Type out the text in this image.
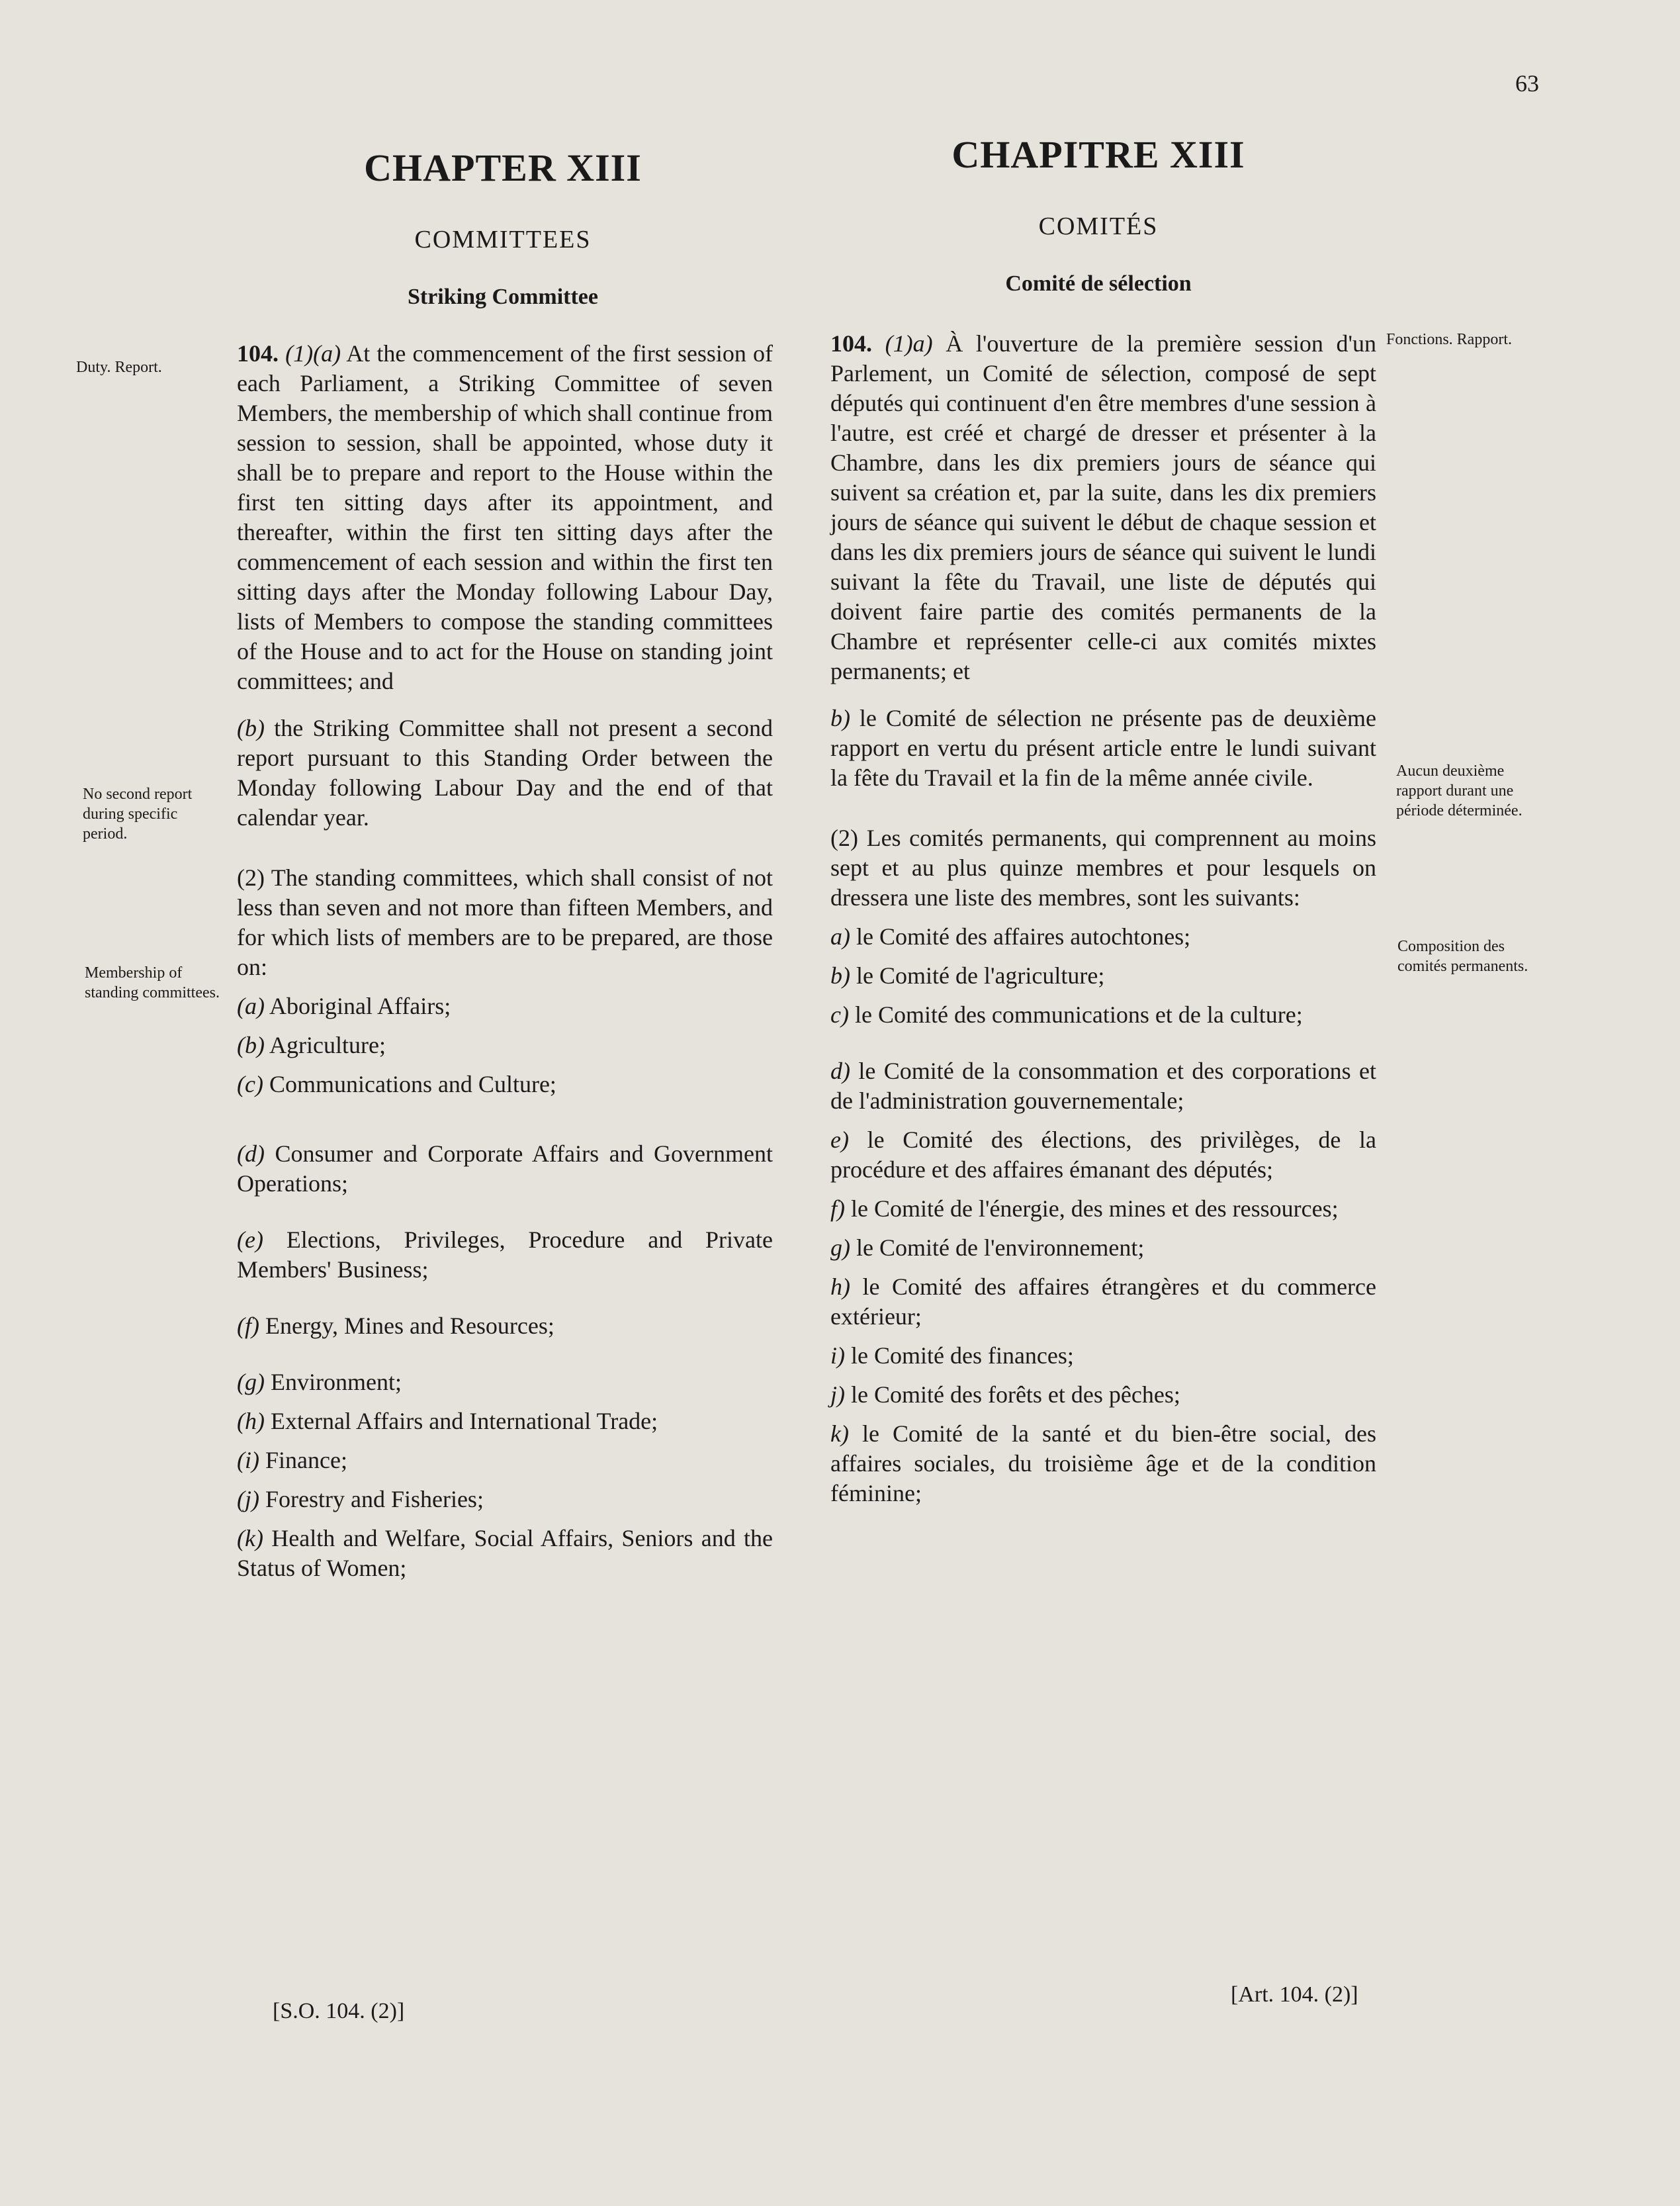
63
CHAPTER XIII
COMMITTEES
Striking Committee
CHAPITRE XIII
COMITÉS
Comité de sélection
Duty. Report.
No second report during specific period.
Membership of standing committees.
Fonctions. Rapport.
Aucun deuxième rapport durant une période déterminée.
Composition des comités permanents.

104. (1)(a) At the commencement of the first session of each Parliament, a Striking Committee of seven Members, the membership of which shall continue from session to session, shall be appointed, whose duty it shall be to prepare and report to the House within the first ten sitting days after its appointment, and thereafter, within the first ten sitting days after the commencement of each session and within the first ten sitting days after the Monday following Labour Day, lists of Members to compose the standing committees of the House and to act for the House on standing joint committees; and

(b) the Striking Committee shall not present a second report pursuant to this Standing Order between the Monday following Labour Day and the end of that calendar year.

(2) The standing committees, which shall consist of not less than seven and not more than fifteen Members, and for which lists of members are to be prepared, are those on:

(a) Aboriginal Affairs;

(b) Agriculture;

(c) Communications and Culture;

(d) Consumer and Corporate Affairs and Government Operations;

(e) Elections, Privileges, Procedure and Private Members' Business;

(f) Energy, Mines and Resources;

(g) Environment;

(h) External Affairs and International Trade;

(i) Finance;

(j) Forestry and Fisheries;

(k) Health and Welfare, Social Affairs, Seniors and the Status of Women;

104. (1)a) À l'ouverture de la première session d'un Parlement, un Comité de sélection, composé de sept députés qui continuent d'en être membres d'une session à l'autre, est créé et chargé de dresser et présenter à la Chambre, dans les dix premiers jours de séance qui suivent sa création et, par la suite, dans les dix premiers jours de séance qui suivent le début de chaque session et dans les dix premiers jours de séance qui suivent le lundi suivant la fête du Travail, une liste de députés qui doivent faire partie des comités permanents de la Chambre et représenter celle-ci aux comités mixtes permanents; et

b) le Comité de sélection ne présente pas de deuxième rapport en vertu du présent article entre le lundi suivant la fête du Travail et la fin de la même année civile.

(2) Les comités permanents, qui comprennent au moins sept et au plus quinze membres et pour lesquels on dressera une liste des membres, sont les suivants:

a) le Comité des affaires autochtones;

b) le Comité de l'agriculture;

c) le Comité des communications et de la culture;

d) le Comité de la consommation et des corporations et de l'administration gouvernementale;

e) le Comité des élections, des privilèges, de la procédure et des affaires émanant des députés;

f) le Comité de l'énergie, des mines et des ressources;

g) le Comité de l'environnement;

h) le Comité des affaires étrangères et du commerce extérieur;

i) le Comité des finances;

j) le Comité des forêts et des pêches;

k) le Comité de la santé et du bien-être social, des affaires sociales, du troisième âge et de la condition féminine;

[S.O. 104. (2)]
[Art. 104. (2)]
